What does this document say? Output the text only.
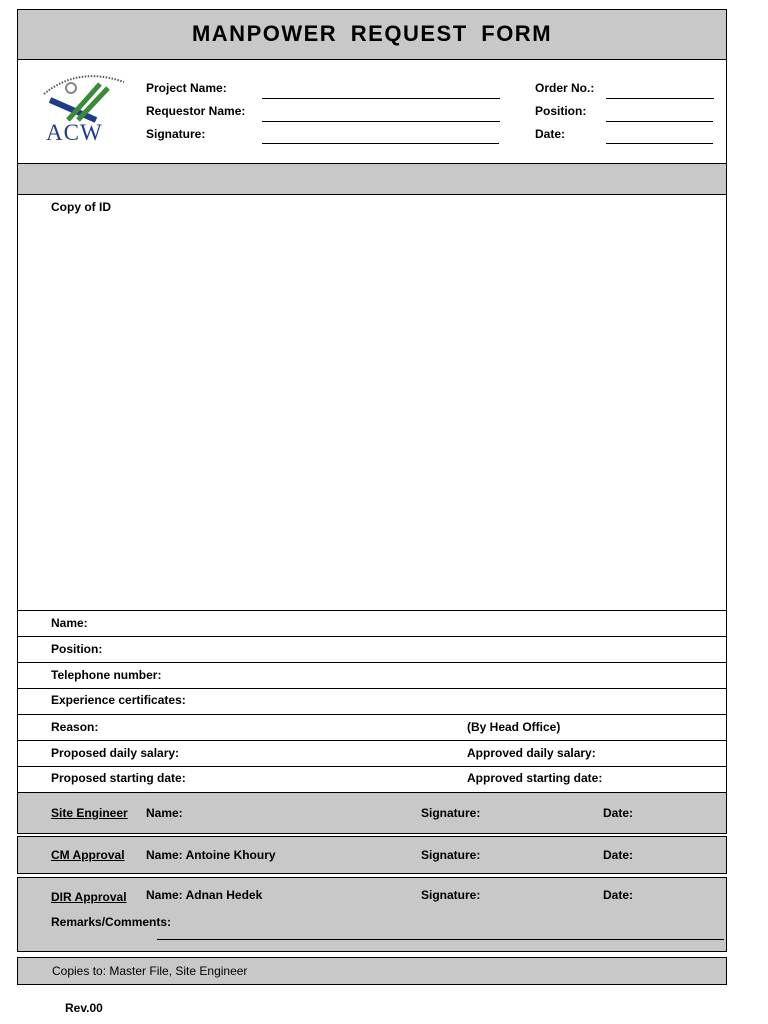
MANPOWER REQUEST FORM
ACW
Project Name:
Requestor Name:
Signature:
Order No.:
Position:
Date:
Copy of ID
Name:
Position:
Telephone number:
Experience certificates:
Reason:	(By Head Office)
Proposed daily salary:	Approved daily salary:
Proposed starting date:	Approved starting date:
Site Engineer Name:	Signature:	Date:
CM Approval Name: Antoine Khoury	Signature:	Date:
DIR Approval Name: Adnan Hedek	Signature:	Date:
Remarks/Comments:
Copies to: Master File, Site Engineer
Rev.00
